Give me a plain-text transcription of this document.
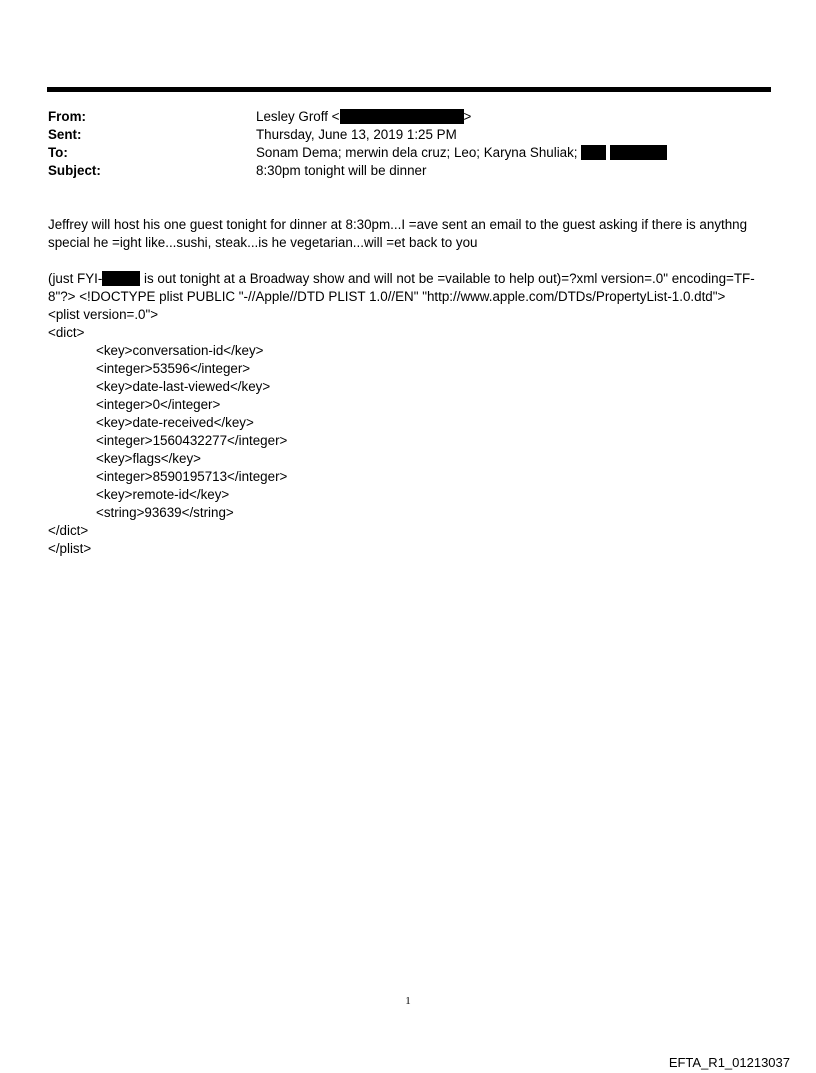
From:	Lesley Groff <	>
Sent:	Thursday, June 13, 2019 1:25 PM
To:	Sonam Dema; merwin dela cruz; Leo; Karyna Shuliak;
Subject:	8:30pm tonight will be dinner
Jeffrey will host his one guest tonight for dinner at 8:30pm...I =ave sent an email to the guest asking if there is anythng
special he =ight like...sushi, steak...is he vegetarian...will =et back to you
(just FYI-	is out tonight at a Broadway show and will not be =vailable to help out)=?xml version=.0" encoding=TF-
8"?> <!DOCTYPE plist PUBLIC "-//Apple//DTD PLIST 1.0//EN" "http://www.apple.com/DTDs/PropertyList-1.0.dtd">
<plist version=.0">
<dict>
<key>conversation-id</key>
<integer>53596</integer>
<key>date-last-viewed</key>
<integer>0</integer>
<key>date-received</key>
<integer>1560432277</integer>
<key>flags</key>
<integer>8590195713</integer>
<key>remote-id</key>
<string>93639</string>
</dict>
</plist>
1
EFTA_R1_01213037
